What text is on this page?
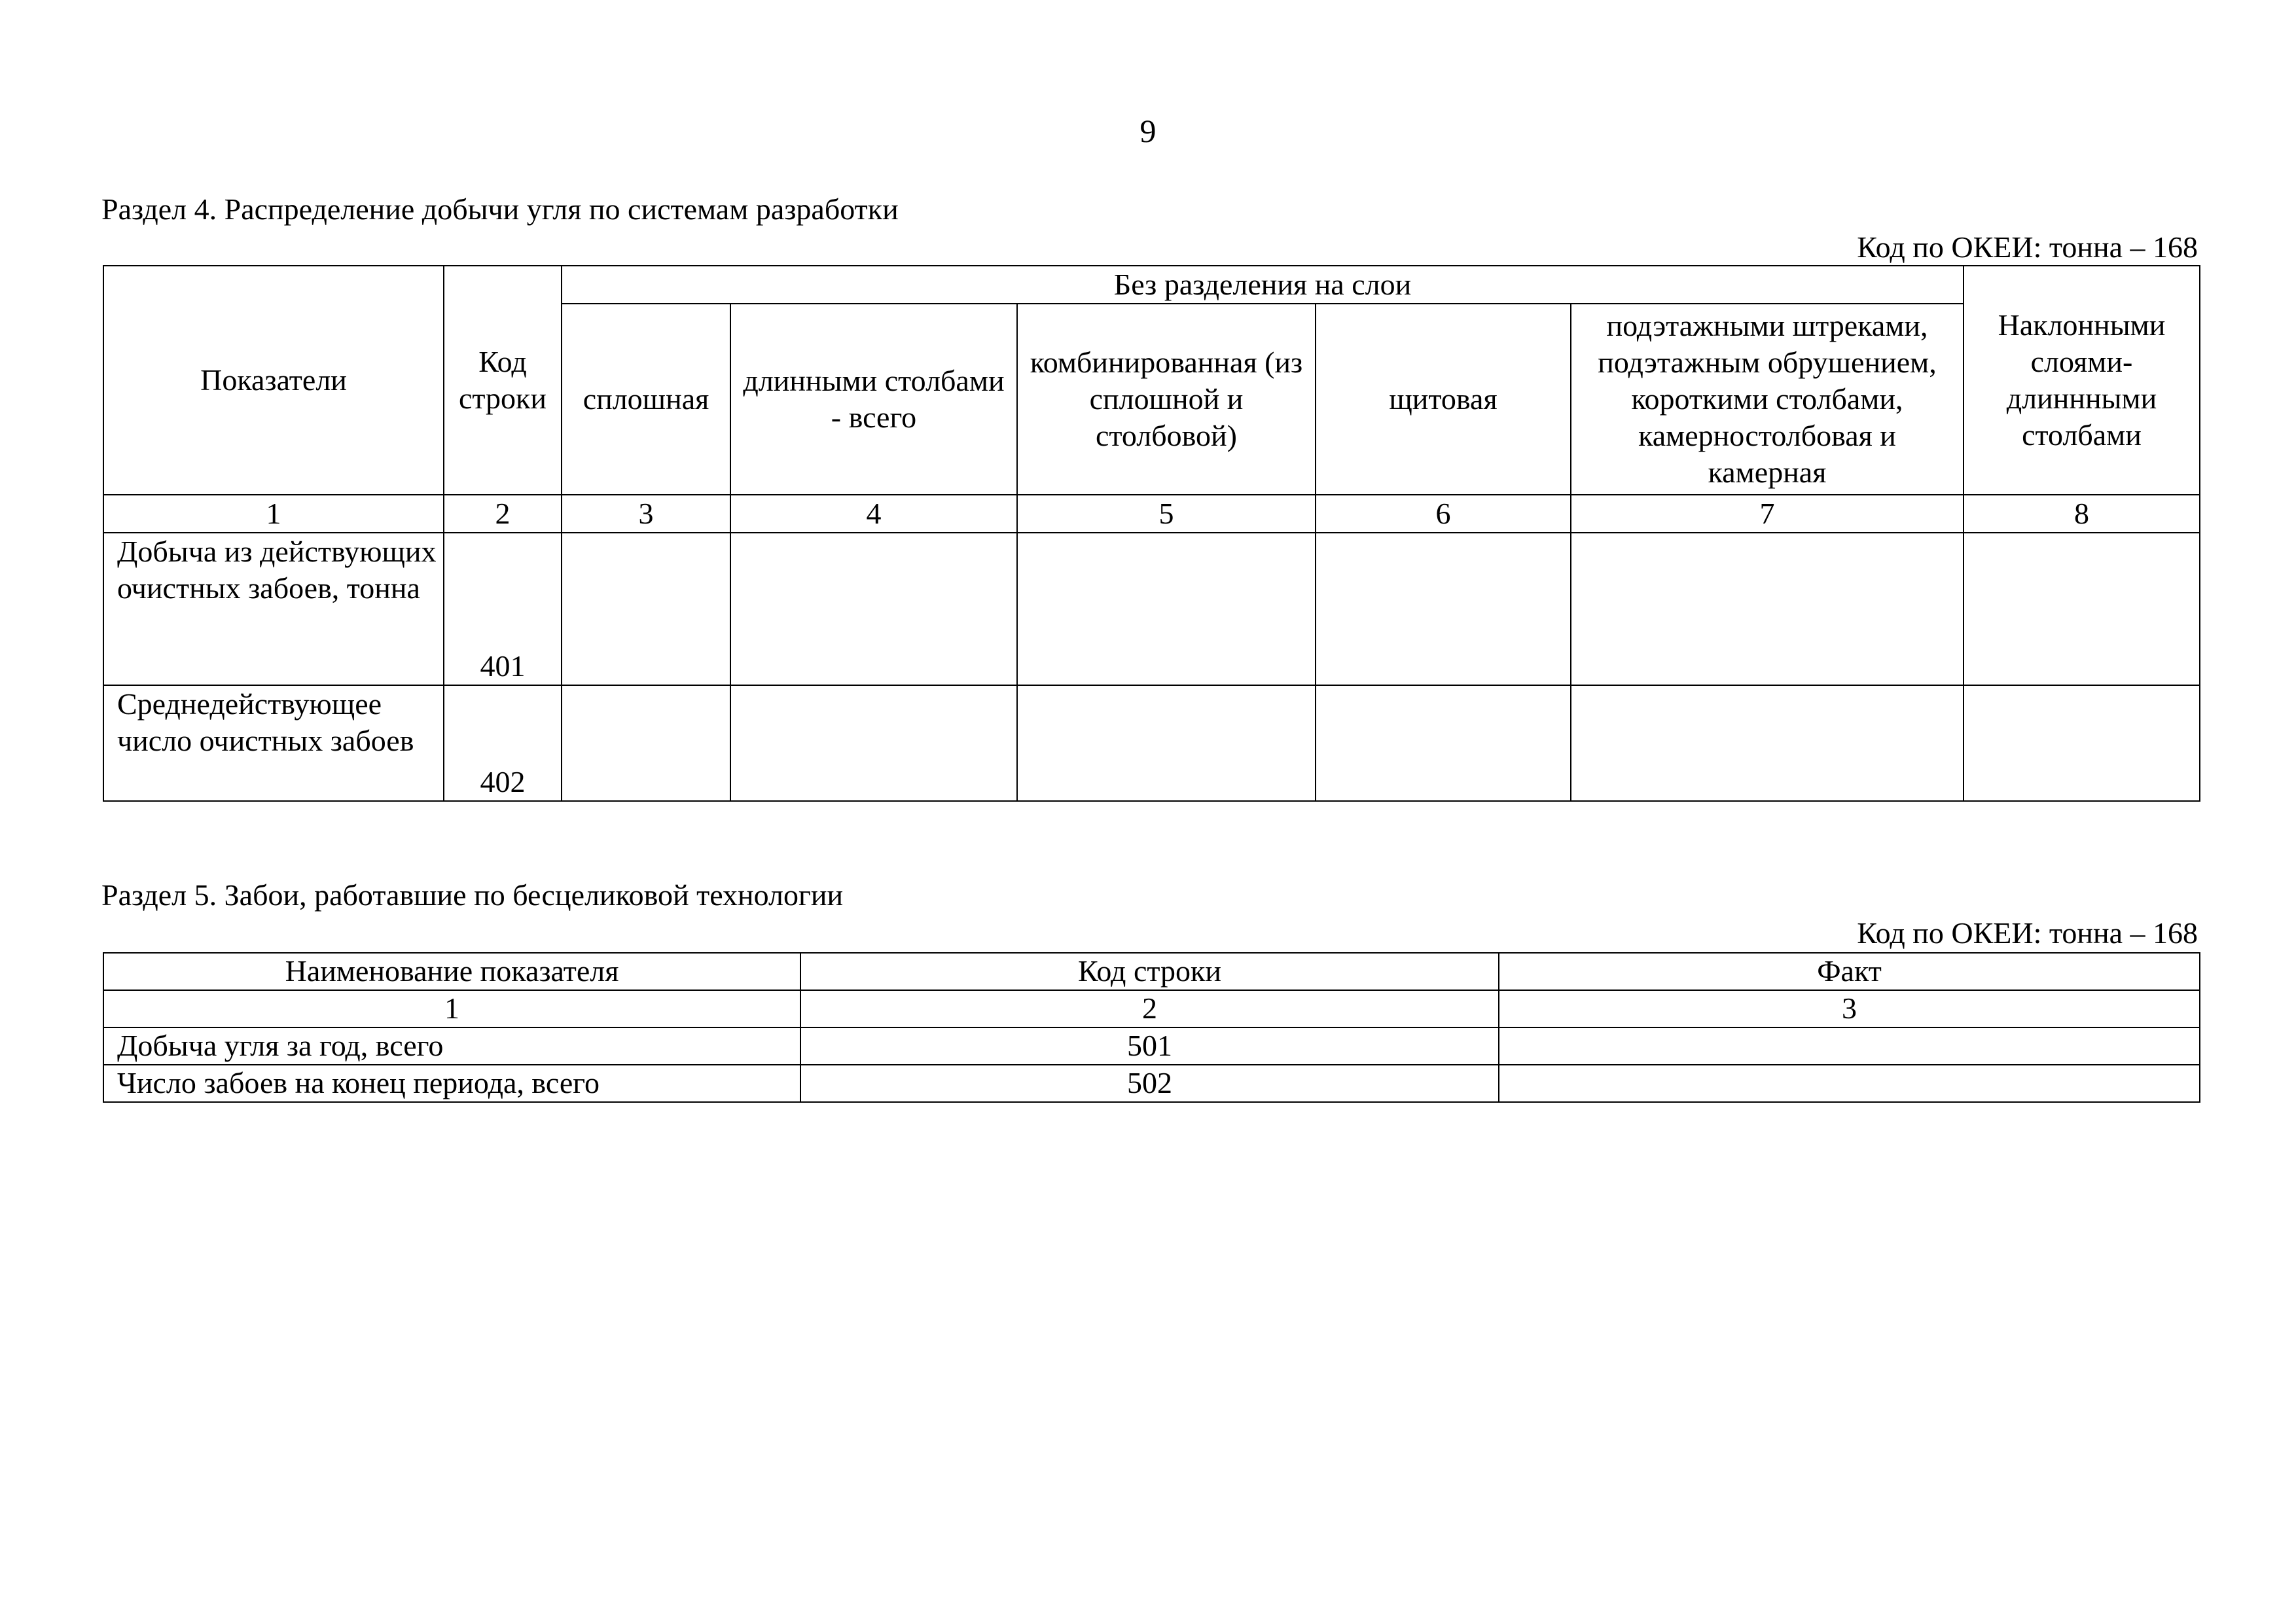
9
Раздел 4. Распределение добычи угля по системам разработки
Код по ОКЕИ: тонна – 168
Показатели	Код строки	Без разделения на слои					Наклонными слоями-длиннными столбами
		сплошная	длинными столбами - всего	комбинированная (из сплошной и столбовой)	щитовая	подэтажными штреками, подэтажным обрушением, короткими столбами, камерностолбовая и камерная	
1	2	3	4	5	6	7	8
Добыча из действующих очистных забоев, тонна	401						
Среднедействующее число очистных забоев	402						
Раздел 5. Забои, работавшие по бесцеликовой технологии
Код по ОКЕИ: тонна – 168
Наименование показателя	Код строки	Факт
1	2	3
Добыча угля за год, всего	501	
Число забоев на конец периода, всего	502	
